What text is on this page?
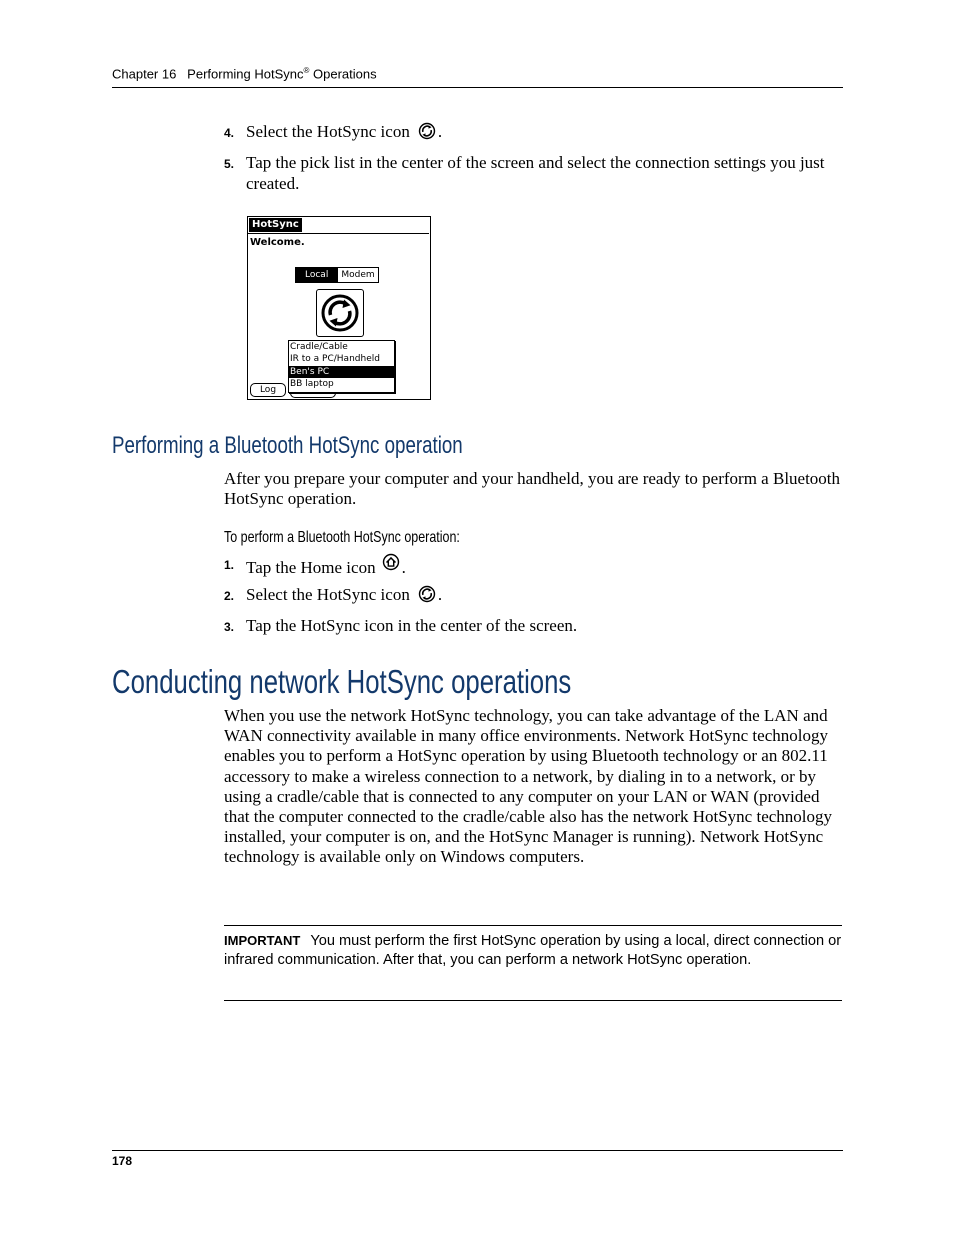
Chapter 16 Performing HotSync® Operations
4. Select the HotSync icon .
5. Tap the pick list in the center of the screen and select the connection settings you just created.
HotSync
Welcome.
Local	Modem
Cradle/Cable
IR to a PC/Handheld
Ben's PC
BB laptop
Log
Performing a Bluetooth HotSync operation
After you prepare your computer and your handheld, you are ready to perform a Bluetooth HotSync operation.
To perform a Bluetooth HotSync operation:
1. Tap the Home icon .
2. Select the HotSync icon .
3. Tap the HotSync icon in the center of the screen.
Conducting network HotSync operations
When you use the network HotSync technology, you can take advantage of the LAN and WAN connectivity available in many office environments. Network HotSync technology enables you to perform a HotSync operation by using Bluetooth technology or an 802.11 accessory to make a wireless connection to a network, by dialing in to a network, or by using a cradle/cable that is connected to any computer on your LAN or WAN (provided that the computer connected to the cradle/cable also has the network HotSync technology installed, your computer is on, and the HotSync Manager is running). Network HotSync technology is available only on Windows computers.
IMPORTANT You must perform the first HotSync operation by using a local, direct connection or infrared communication. After that, you can perform a network HotSync operation.
178
